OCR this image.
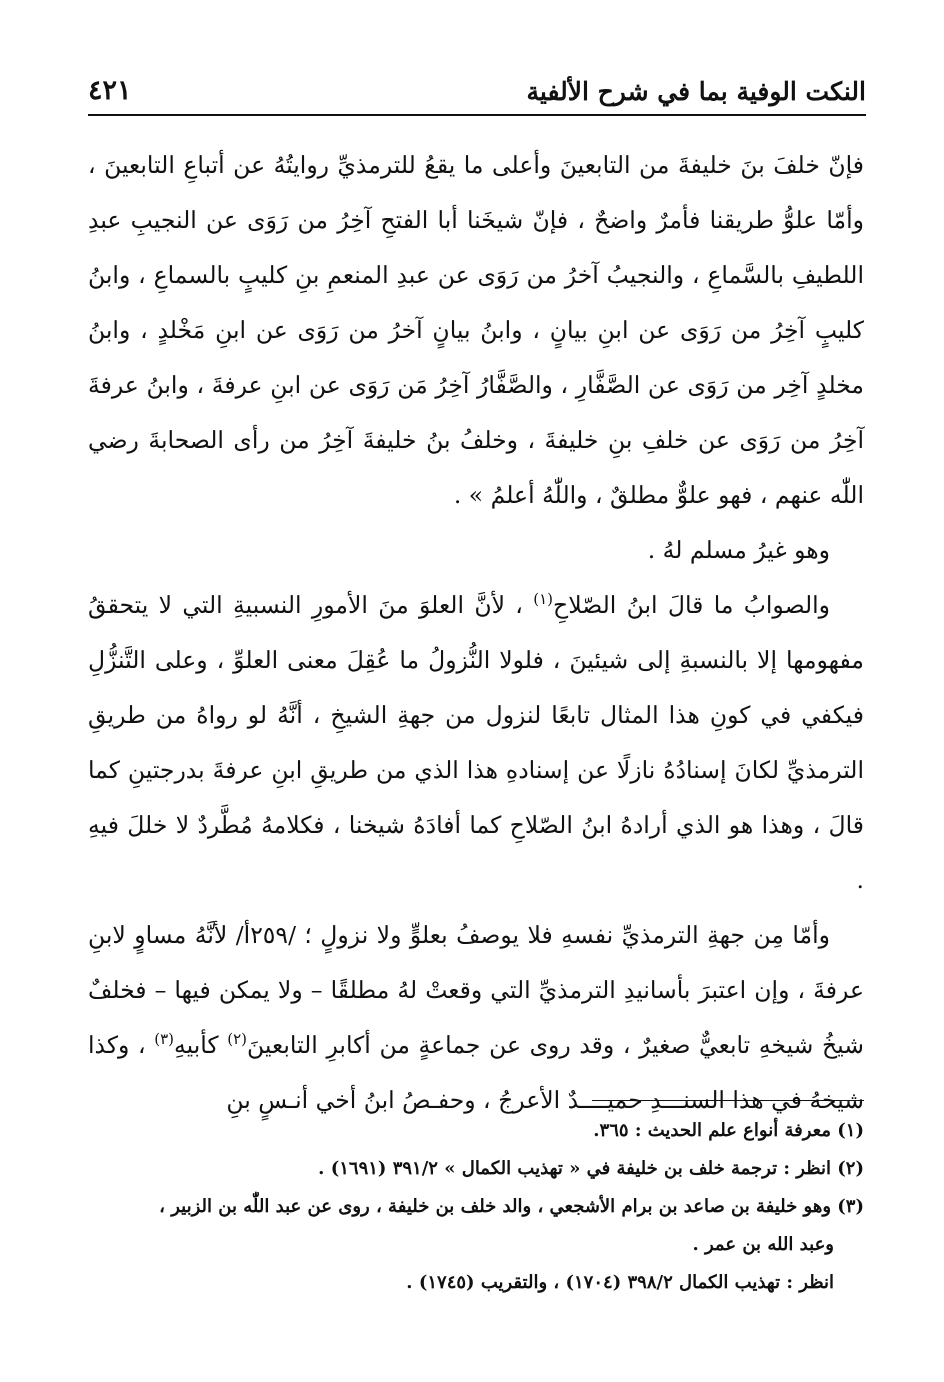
النكت الوفية بما في شرح الألفية
٤٢١

فإنّ خلفَ بنَ خليفةَ من التابعينَ وأعلى ما يقعُ للترمذيِّ روايتُهُ عن أتباعِ التابعينَ ، وأمّا علوُّ طريقنا فأمرٌ واضحٌ ، فإنّ شيخَنا أبا الفتحِ آخِرُ من رَوَى عن النجيبِ عبدِ اللطيفِ بالسَّماعِ ، والنجيبُ آخرُ من رَوَى عن عبدِ المنعمِ بنِ كليبٍ بالسماعِ ، وابنُ كليبٍ آخِرُ من رَوَى عن ابنِ بيانٍ ، وابنُ بيانٍ آخرُ من رَوَى عن ابنِ مَخْلدٍ ، وابنُ مخلدٍ آخِر من رَوَى عن الصَّفَّارِ ، والصَّفَّارُ آخِرُ مَن رَوَى عن ابنِ عرفةَ ، وابنُ عرفةَ آخِرُ من رَوَى عن خلفِ بنِ خليفةَ ، وخلفُ بنُ خليفةَ آخِرُ من رأى الصحابةَ رضي اللّٰه عنهم ، فهو علوٌّ مطلقٌ ، واللّٰهُ أعلمُ » .

وهو غيرُ مسلم لهُ .

والصوابُ ما قالَ ابنُ الصّلاحِ$^{(١)}$ ، لأنَّ العلوَ منَ الأمورِ النسبيةِ التي لا يتحققُ مفهومها إلا بالنسبةِ إلى شيئينَ ، فلولا النُّزولُ ما عُقِلَ معنى العلوِّ ، وعلى التَّنزُّلِ فيكفي في كونِ هذا المثال تابعًا لنزول من جهةِ الشيخِ ، أنَّهُ لو رواهُ من طريقِ الترمذيِّ لكانَ إسنادُهُ نازلًا عن إسنادهِ هذا الذي من طريقِ ابنِ عرفةَ بدرجتينِ كما قالَ ، وهذا هو الذي أرادهُ ابنُ الصّلاحِ كما أفادَهُ شيخنا ، فكلامهُ مُطَّردٌ لا خللَ فيهِ .

وأمّا مِن جهةِ الترمذيِّ نفسهِ فلا يوصفُ بعلوٍّ ولا نزولٍ ؛ /٢٥٩أ/ لأنَّهُ مساوٍ لابنِ عرفةَ ، وإن اعتبرَ بأسانيدِ الترمذيِّ التي وقعتْ لهُ مطلقًا – ولا يمكن فيها – فخلفٌ شيخُ شيخهِ تابعيٌّ صغيرٌ ، وقد روى عن جماعةٍ من أكابرِ التابعينَ$^{(٢)}$ كأبيهِ$^{(٣)}$ ، وكذا شيخهُ في هذا السنـــدِ حميــــدٌ الأعرجُ ، وحفـصُ ابنُ أخي أنـسٍ بنِ

(١) معرفة أنواع علم الحديث : ٣٦٥.

(٢) انظر : ترجمة خلف بن خليفة في « تهذيب الكمال » ٣٩١/٢ (١٦٩١) .

(٣) وهو خليفة بن صاعد بن برام الأشجعي ، والد خلف بن خليفة ، روى عن عبد اللّٰه بن الزبير ،

وعبد الله بن عمر .

انظر : تهذيب الكمال ٣٩٨/٢ (١٧٠٤) ، والتقريب (١٧٤٥) .
